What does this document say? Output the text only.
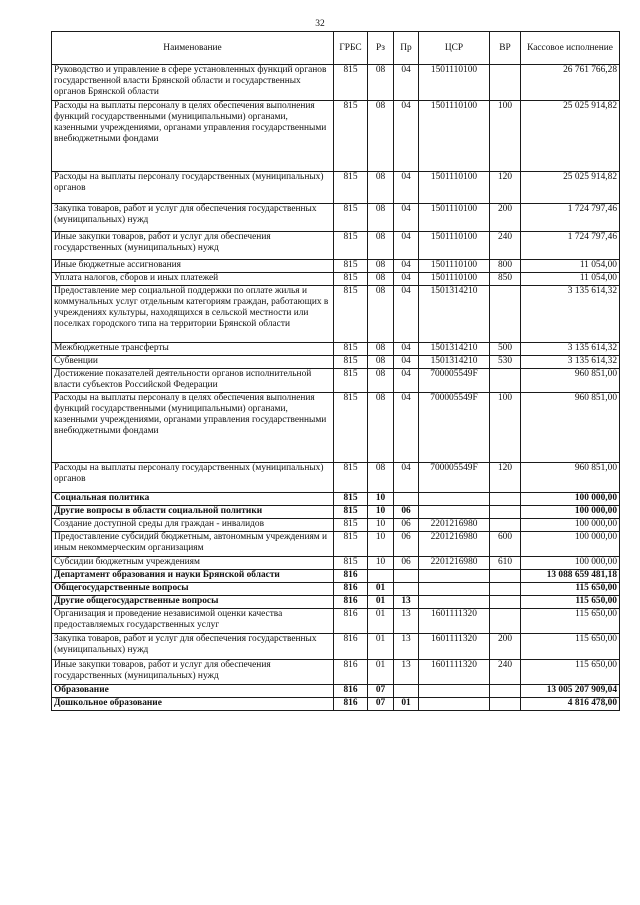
32
Наименование	ГРБС	Рз	Пр	ЦСР	ВР	Кассовое исполнение
Руководство и управление в сфере установленных функций органов государственной власти Брянской области и государственных органов Брянской области	815	08	04	1501110100		26 761 766,28
Расходы на выплаты персоналу в целях обеспечения выполнения функций государственными (муниципальными) органами, казенными учреждениями, органами управления государственными внебюджетными фондами	815	08	04	1501110100	100	25 025 914,82
Расходы на выплаты персоналу государственных (муниципальных) органов	815	08	04	1501110100	120	25 025 914,82
Закупка товаров, работ и услуг для обеспечения государственных (муниципальных) нужд	815	08	04	1501110100	200	1 724 797,46
Иные закупки товаров, работ и услуг для обеспечения государственных (муниципальных) нужд	815	08	04	1501110100	240	1 724 797,46
Иные бюджетные ассигнования	815	08	04	1501110100	800	11 054,00
Уплата налогов, сборов и иных платежей	815	08	04	1501110100	850	11 054,00
Предоставление мер социальной поддержки по оплате жилья и коммунальных услуг отдельным категориям граждан, работающих в учреждениях культуры, находящихся в сельской местности или поселках городского типа на территории Брянской области	815	08	04	1501314210		3 135 614,32
Межбюджетные трансферты	815	08	04	1501314210	500	3 135 614,32
Субвенции	815	08	04	1501314210	530	3 135 614,32
Достижение показателей деятельности органов исполнительной власти субъектов Российской Федерации	815	08	04	700005549F		960 851,00
Расходы на выплаты персоналу в целях обеспечения выполнения функций государственными (муниципальными) органами, казенными учреждениями, органами управления государственными внебюджетными фондами	815	08	04	700005549F	100	960 851,00
Расходы на выплаты персоналу государственных (муниципальных) органов	815	08	04	700005549F	120	960 851,00
Социальная политика	815	10				100 000,00
Другие вопросы в области социальной политики	815	10	06			100 000,00
Создание доступной среды для граждан - инвалидов	815	10	06	2201216980		100 000,00
Предоставление субсидий бюджетным, автономным учреждениям и иным некоммерческим организациям	815	10	06	2201216980	600	100 000,00
Субсидии бюджетным учреждениям	815	10	06	2201216980	610	100 000,00
Департамент образования и науки Брянской области	816					13 088 659 481,18
Общегосударственные вопросы	816	01				115 650,00
Другие общегосударственные вопросы	816	01	13			115 650,00
Организация и проведение независимой оценки качества предоставляемых государственных услуг	816	01	13	1601111320		115 650,00
Закупка товаров, работ и услуг для обеспечения государственных (муниципальных) нужд	816	01	13	1601111320	200	115 650,00
Иные закупки товаров, работ и услуг для обеспечения государственных (муниципальных) нужд	816	01	13	1601111320	240	115 650,00
Образование	816	07				13 005 207 909,04
Дошкольное образование	816	07	01			4 816 478,00
